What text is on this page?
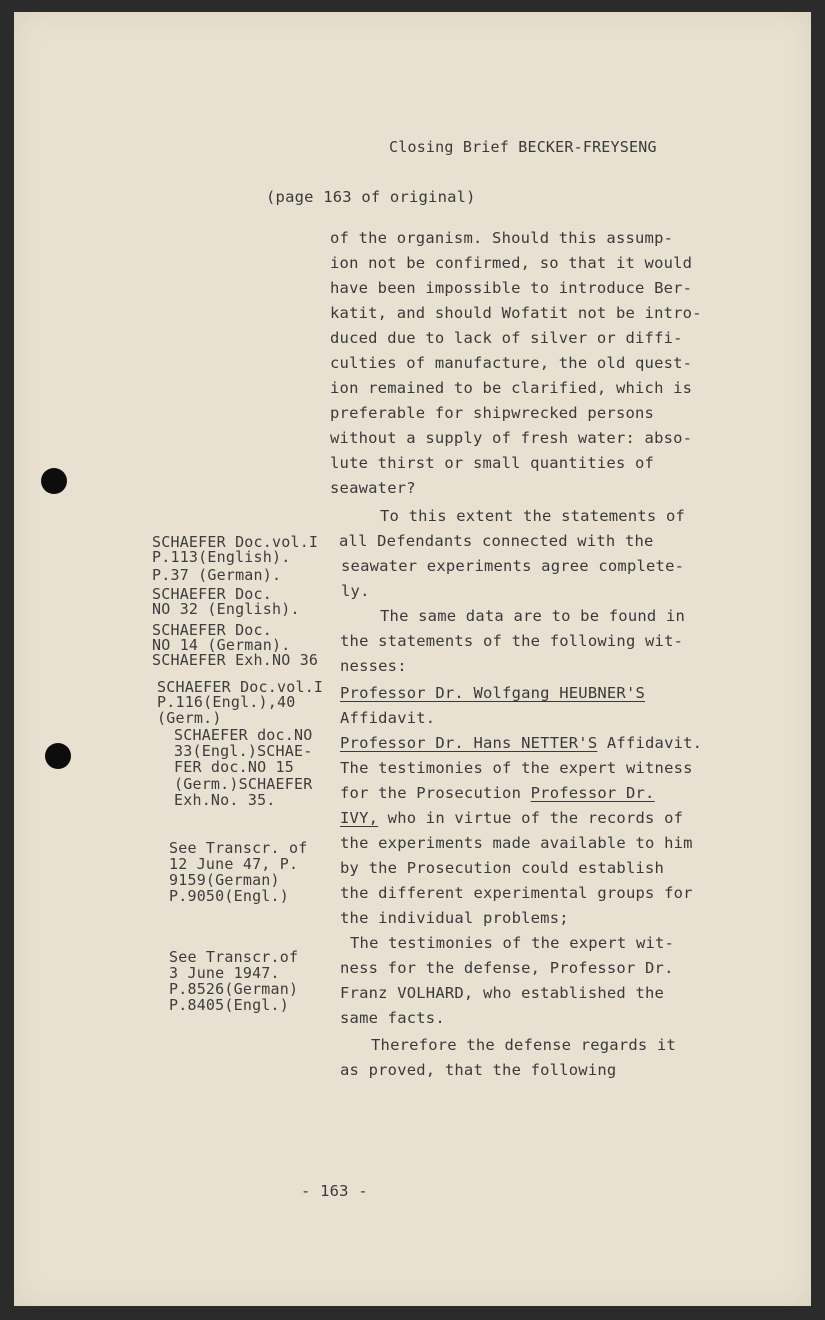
Closing Brief BECKER-FREYSENG
(page 163 of original)
of the organism. Should this assump-
ion not be confirmed, so that it would
have been impossible to introduce Ber-
katit, and should Wofatit not be intro-
duced due to lack of silver or diffi-
culties of manufacture, the old quest-
ion remained to be clarified, which is
preferable for shipwrecked persons
without a supply of fresh water: abso-
lute thirst or small quantities of
seawater?
To this extent the statements of
all Defendants connected with the
seawater experiments agree complete-
ly.
The same data are to be found in
the statements of the following wit-
nesses:
Professor Dr. Wolfgang HEUBNER'S
Affidavit.
Professor Dr. Hans NETTER'S Affidavit.
The testimonies of the expert witness
for the Prosecution Professor Dr.
IVY, who in virtue of the records of
the experiments made available to him
by the Prosecution could establish
the different experimental groups for
the individual problems;
The testimonies of the expert wit-
ness for the defense, Professor Dr.
Franz VOLHARD, who established the
same facts.
Therefore the defense regards it
as proved, that the following
SCHAEFER Doc.vol.I
P.113(English).
P.37 (German).
SCHAEFER Doc.
NO 32 (English).
SCHAEFER Doc.
NO 14 (German).
SCHAEFER Exh.NO 36
SCHAEFER Doc.vol.I
P.116(Engl.),40
(Germ.)
SCHAEFER doc.NO
33(Engl.)SCHAE-
FER doc.NO 15
(Germ.)SCHAEFER
Exh.No. 35.
See Transcr. of
12 June 47, P.
9159(German)
P.9050(Engl.)
See Transcr.of
3 June 1947.
P.8526(German)
P.8405(Engl.)
- 163 -
